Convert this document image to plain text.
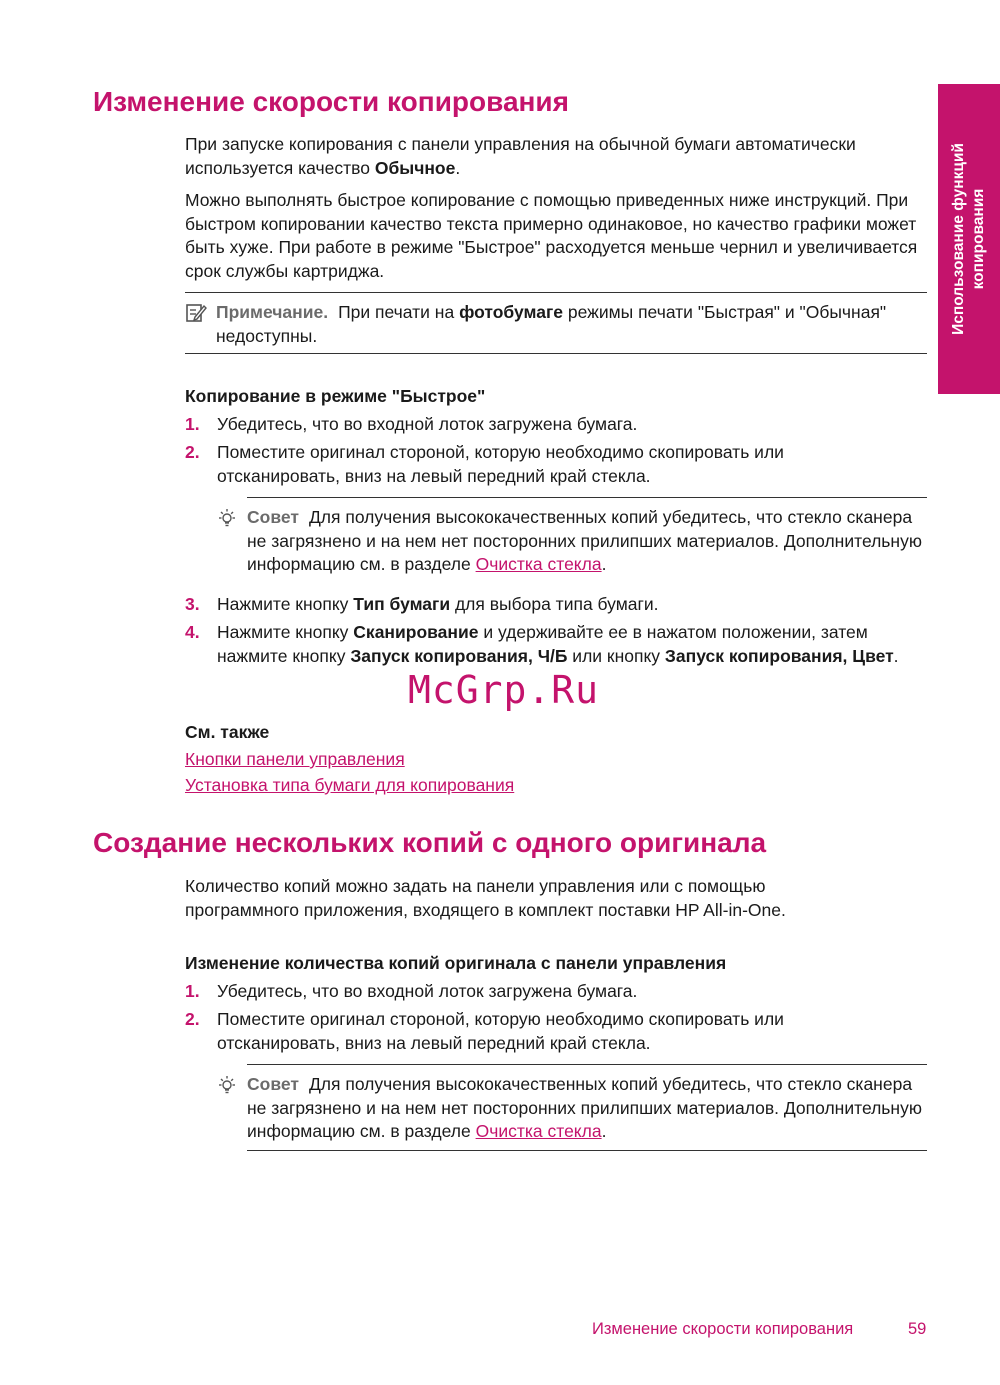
Использование функций копирования
Изменение скорости копирования

При запуске копирования с панели управления на обычной бумаги автоматически используется качество Обычное.

Можно выполнять быстрое копирование с помощью приведенных ниже инструкций. При быстром копировании качество текста примерно одинаковое, но качество графики может быть хуже. При работе в режиме "Быстрое" расходуется меньше чернил и увеличивается срок службы картриджа.

Примечание. При печати на фотобумаге режимы печати "Быстрая" и "Обычная" недоступны.
Копирование в режиме "Быстрое"
1. Убедитесь, что во входной лоток загружена бумага.
2. Поместите оригинал стороной, которую необходимо скопировать или отсканировать, вниз на левый передний край стекла.
Совет Для получения высококачественных копий убедитесь, что стекло сканера не загрязнено и на нем нет посторонних прилипших материалов. Дополнительную информацию см. в разделе Очистка стекла.
3. Нажмите кнопку Тип бумаги для выбора типа бумаги.
4. Нажмите кнопку Сканирование и удерживайте ее в нажатом положении, затем нажмите кнопку Запуск копирования, Ч/Б или кнопку Запуск копирования, Цвет.
McGrp.Ru
См. также
Кнопки панели управления
Установка типа бумаги для копирования
Создание нескольких копий с одного оригинала

Количество копий можно задать на панели управления или с помощью программного приложения, входящего в комплект поставки HP All-in-One.

Изменение количества копий оригинала с панели управления
1. Убедитесь, что во входной лоток загружена бумага.
2. Поместите оригинал стороной, которую необходимо скопировать или отсканировать, вниз на левый передний край стекла.
Совет Для получения высококачественных копий убедитесь, что стекло сканера не загрязнено и на нем нет посторонних прилипших материалов. Дополнительную информацию см. в разделе Очистка стекла.
Изменение скорости копирования	59
